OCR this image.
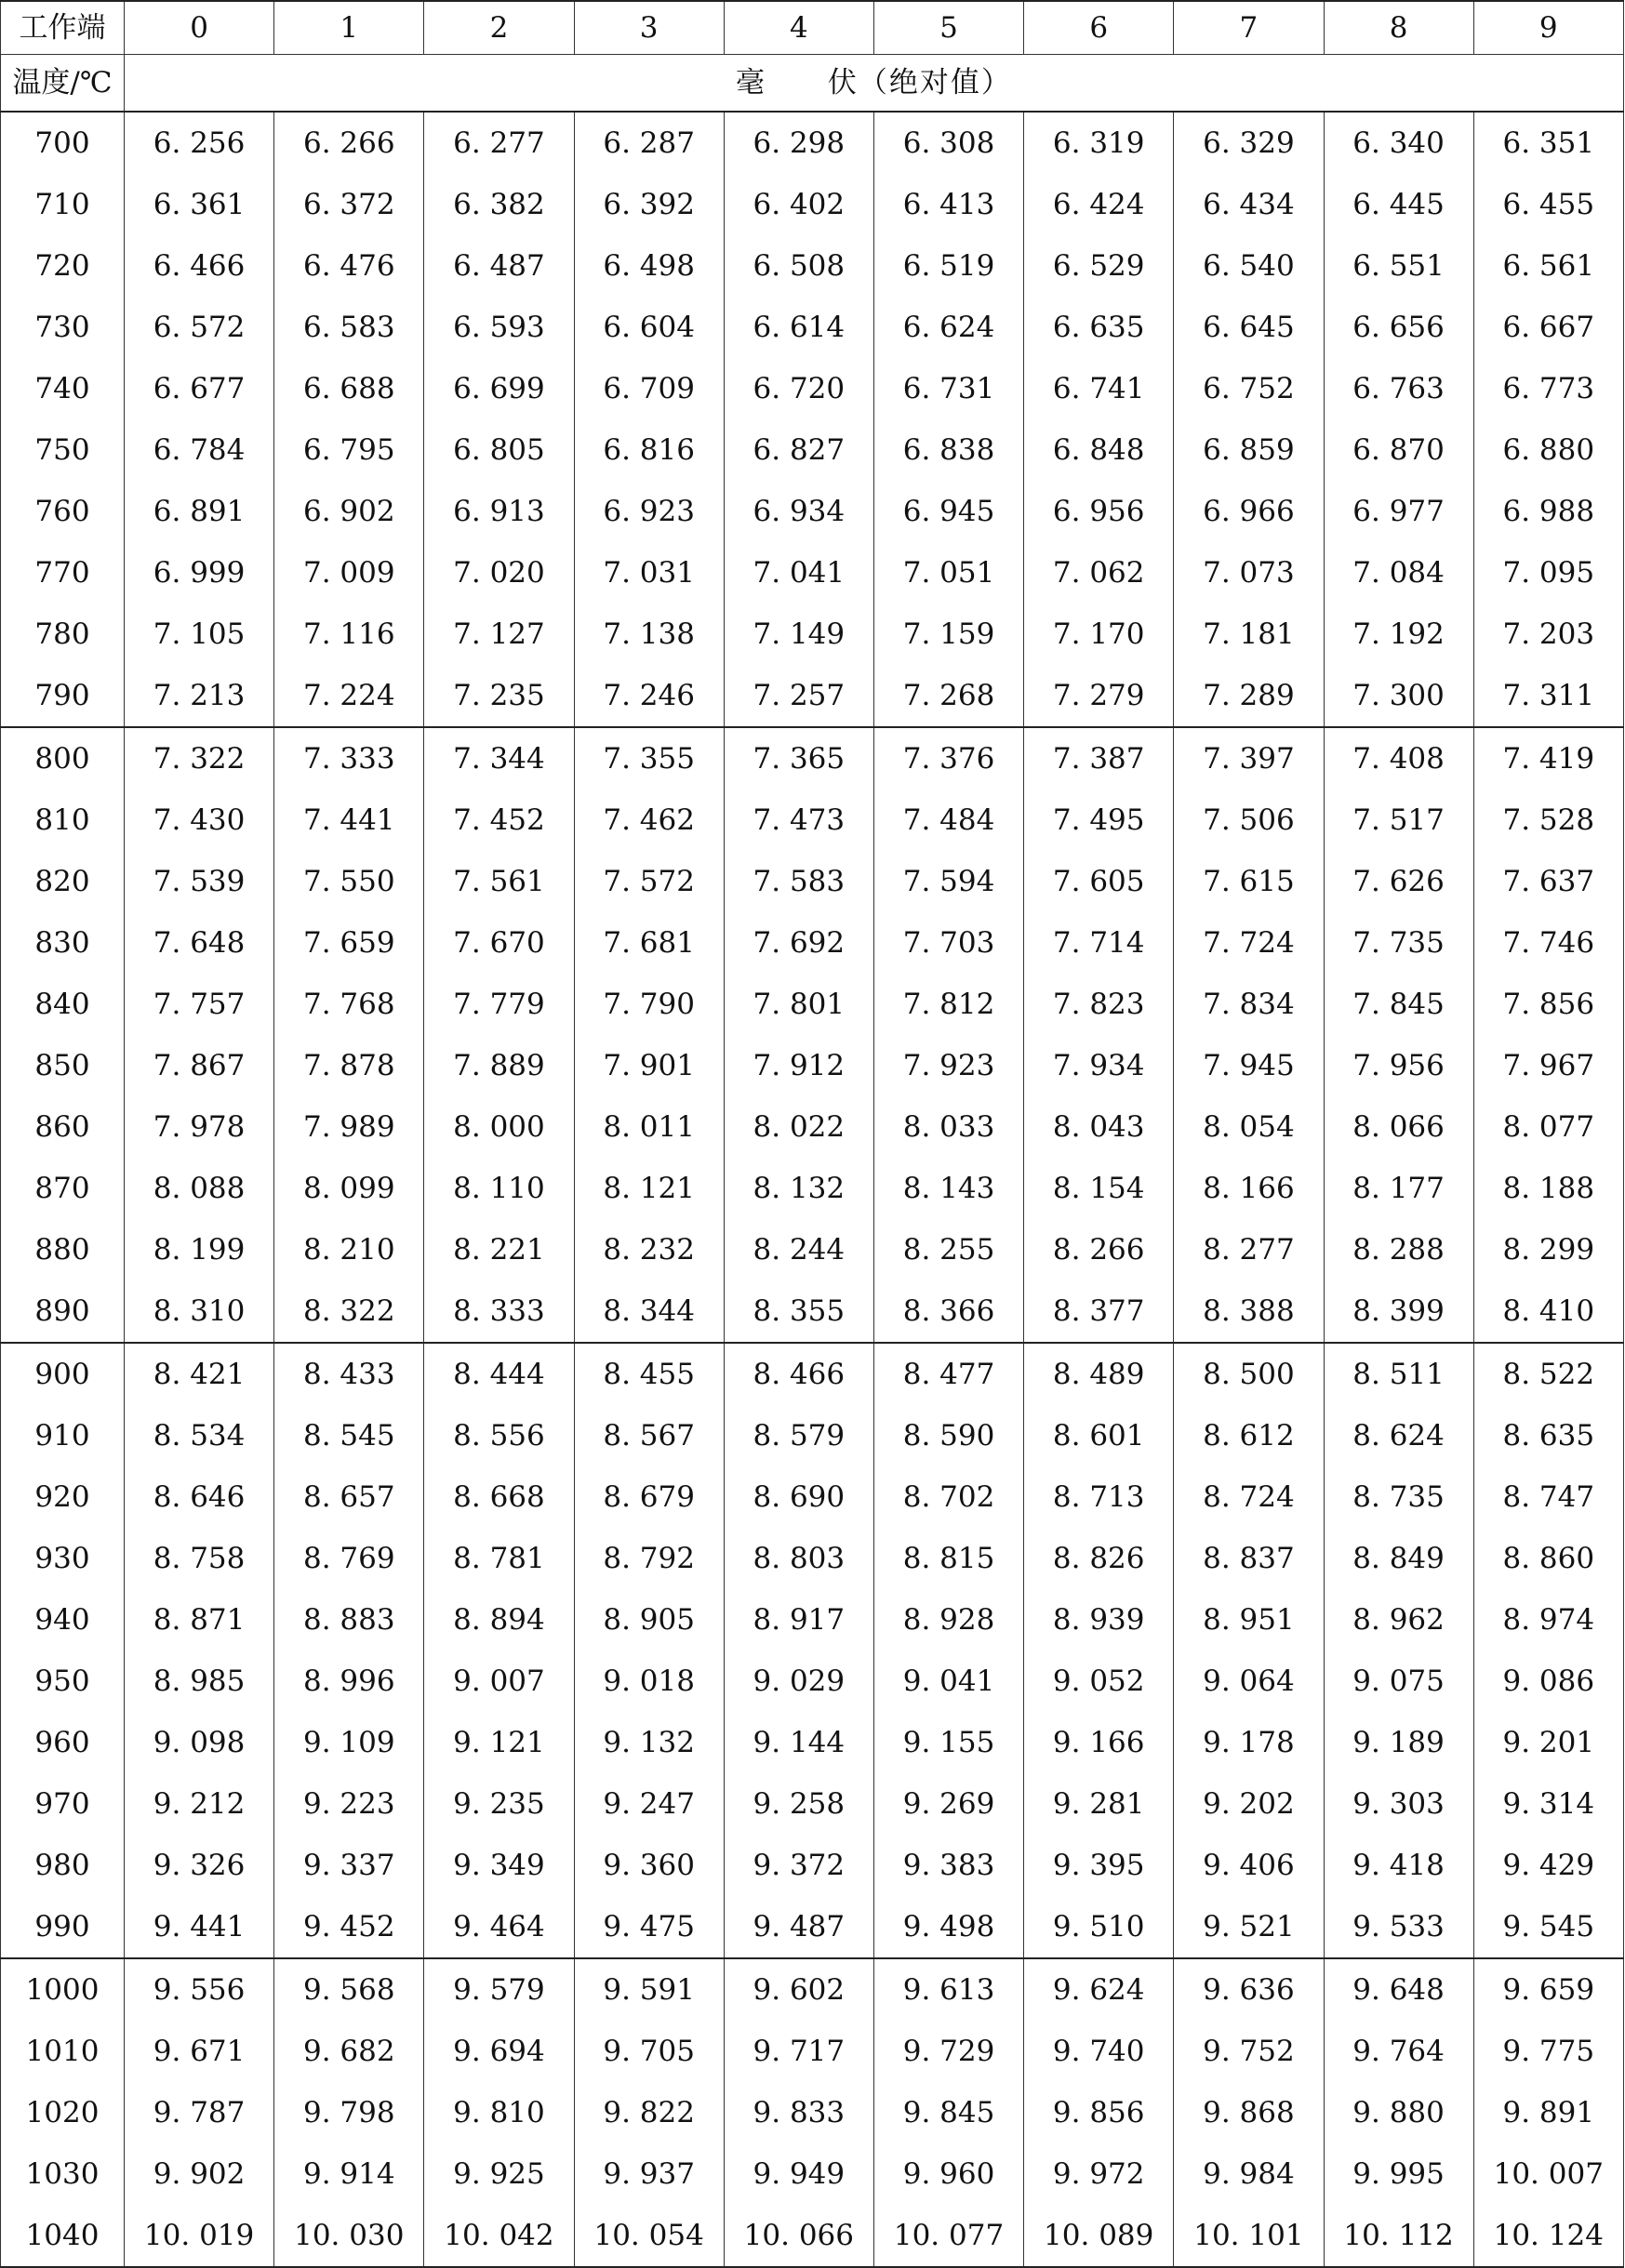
工作端	0	1	2	3	4	5	6	7	8	9
温度/℃	毫　　伏（绝对值）									
700	6. 256	6. 266	6. 277	6. 287	6. 298	6. 308	6. 319	6. 329	6. 340	6. 351
710	6. 361	6. 372	6. 382	6. 392	6. 402	6. 413	6. 424	6. 434	6. 445	6. 455
720	6. 466	6. 476	6. 487	6. 498	6. 508	6. 519	6. 529	6. 540	6. 551	6. 561
730	6. 572	6. 583	6. 593	6. 604	6. 614	6. 624	6. 635	6. 645	6. 656	6. 667
740	6. 677	6. 688	6. 699	6. 709	6. 720	6. 731	6. 741	6. 752	6. 763	6. 773
750	6. 784	6. 795	6. 805	6. 816	6. 827	6. 838	6. 848	6. 859	6. 870	6. 880
760	6. 891	6. 902	6. 913	6. 923	6. 934	6. 945	6. 956	6. 966	6. 977	6. 988
770	6. 999	7. 009	7. 020	7. 031	7. 041	7. 051	7. 062	7. 073	7. 084	7. 095
780	7. 105	7. 116	7. 127	7. 138	7. 149	7. 159	7. 170	7. 181	7. 192	7. 203
790	7. 213	7. 224	7. 235	7. 246	7. 257	7. 268	7. 279	7. 289	7. 300	7. 311
800	7. 322	7. 333	7. 344	7. 355	7. 365	7. 376	7. 387	7. 397	7. 408	7. 419
810	7. 430	7. 441	7. 452	7. 462	7. 473	7. 484	7. 495	7. 506	7. 517	7. 528
820	7. 539	7. 550	7. 561	7. 572	7. 583	7. 594	7. 605	7. 615	7. 626	7. 637
830	7. 648	7. 659	7. 670	7. 681	7. 692	7. 703	7. 714	7. 724	7. 735	7. 746
840	7. 757	7. 768	7. 779	7. 790	7. 801	7. 812	7. 823	7. 834	7. 845	7. 856
850	7. 867	7. 878	7. 889	7. 901	7. 912	7. 923	7. 934	7. 945	7. 956	7. 967
860	7. 978	7. 989	8. 000	8. 011	8. 022	8. 033	8. 043	8. 054	8. 066	8. 077
870	8. 088	8. 099	8. 110	8. 121	8. 132	8. 143	8. 154	8. 166	8. 177	8. 188
880	8. 199	8. 210	8. 221	8. 232	8. 244	8. 255	8. 266	8. 277	8. 288	8. 299
890	8. 310	8. 322	8. 333	8. 344	8. 355	8. 366	8. 377	8. 388	8. 399	8. 410
900	8. 421	8. 433	8. 444	8. 455	8. 466	8. 477	8. 489	8. 500	8. 511	8. 522
910	8. 534	8. 545	8. 556	8. 567	8. 579	8. 590	8. 601	8. 612	8. 624	8. 635
920	8. 646	8. 657	8. 668	8. 679	8. 690	8. 702	8. 713	8. 724	8. 735	8. 747
930	8. 758	8. 769	8. 781	8. 792	8. 803	8. 815	8. 826	8. 837	8. 849	8. 860
940	8. 871	8. 883	8. 894	8. 905	8. 917	8. 928	8. 939	8. 951	8. 962	8. 974
950	8. 985	8. 996	9. 007	9. 018	9. 029	9. 041	9. 052	9. 064	9. 075	9. 086
960	9. 098	9. 109	9. 121	9. 132	9. 144	9. 155	9. 166	9. 178	9. 189	9. 201
970	9. 212	9. 223	9. 235	9. 247	9. 258	9. 269	9. 281	9. 202	9. 303	9. 314
980	9. 326	9. 337	9. 349	9. 360	9. 372	9. 383	9. 395	9. 406	9. 418	9. 429
990	9. 441	9. 452	9. 464	9. 475	9. 487	9. 498	9. 510	9. 521	9. 533	9. 545
1000	9. 556	9. 568	9. 579	9. 591	9. 602	9. 613	9. 624	9. 636	9. 648	9. 659
1010	9. 671	9. 682	9. 694	9. 705	9. 717	9. 729	9. 740	9. 752	9. 764	9. 775
1020	9. 787	9. 798	9. 810	9. 822	9. 833	9. 845	9. 856	9. 868	9. 880	9. 891
1030	9. 902	9. 914	9. 925	9. 937	9. 949	9. 960	9. 972	9. 984	9. 995	10. 007
1040	10. 019	10. 030	10. 042	10. 054	10. 066	10. 077	10. 089	10. 101	10. 112	10. 124
